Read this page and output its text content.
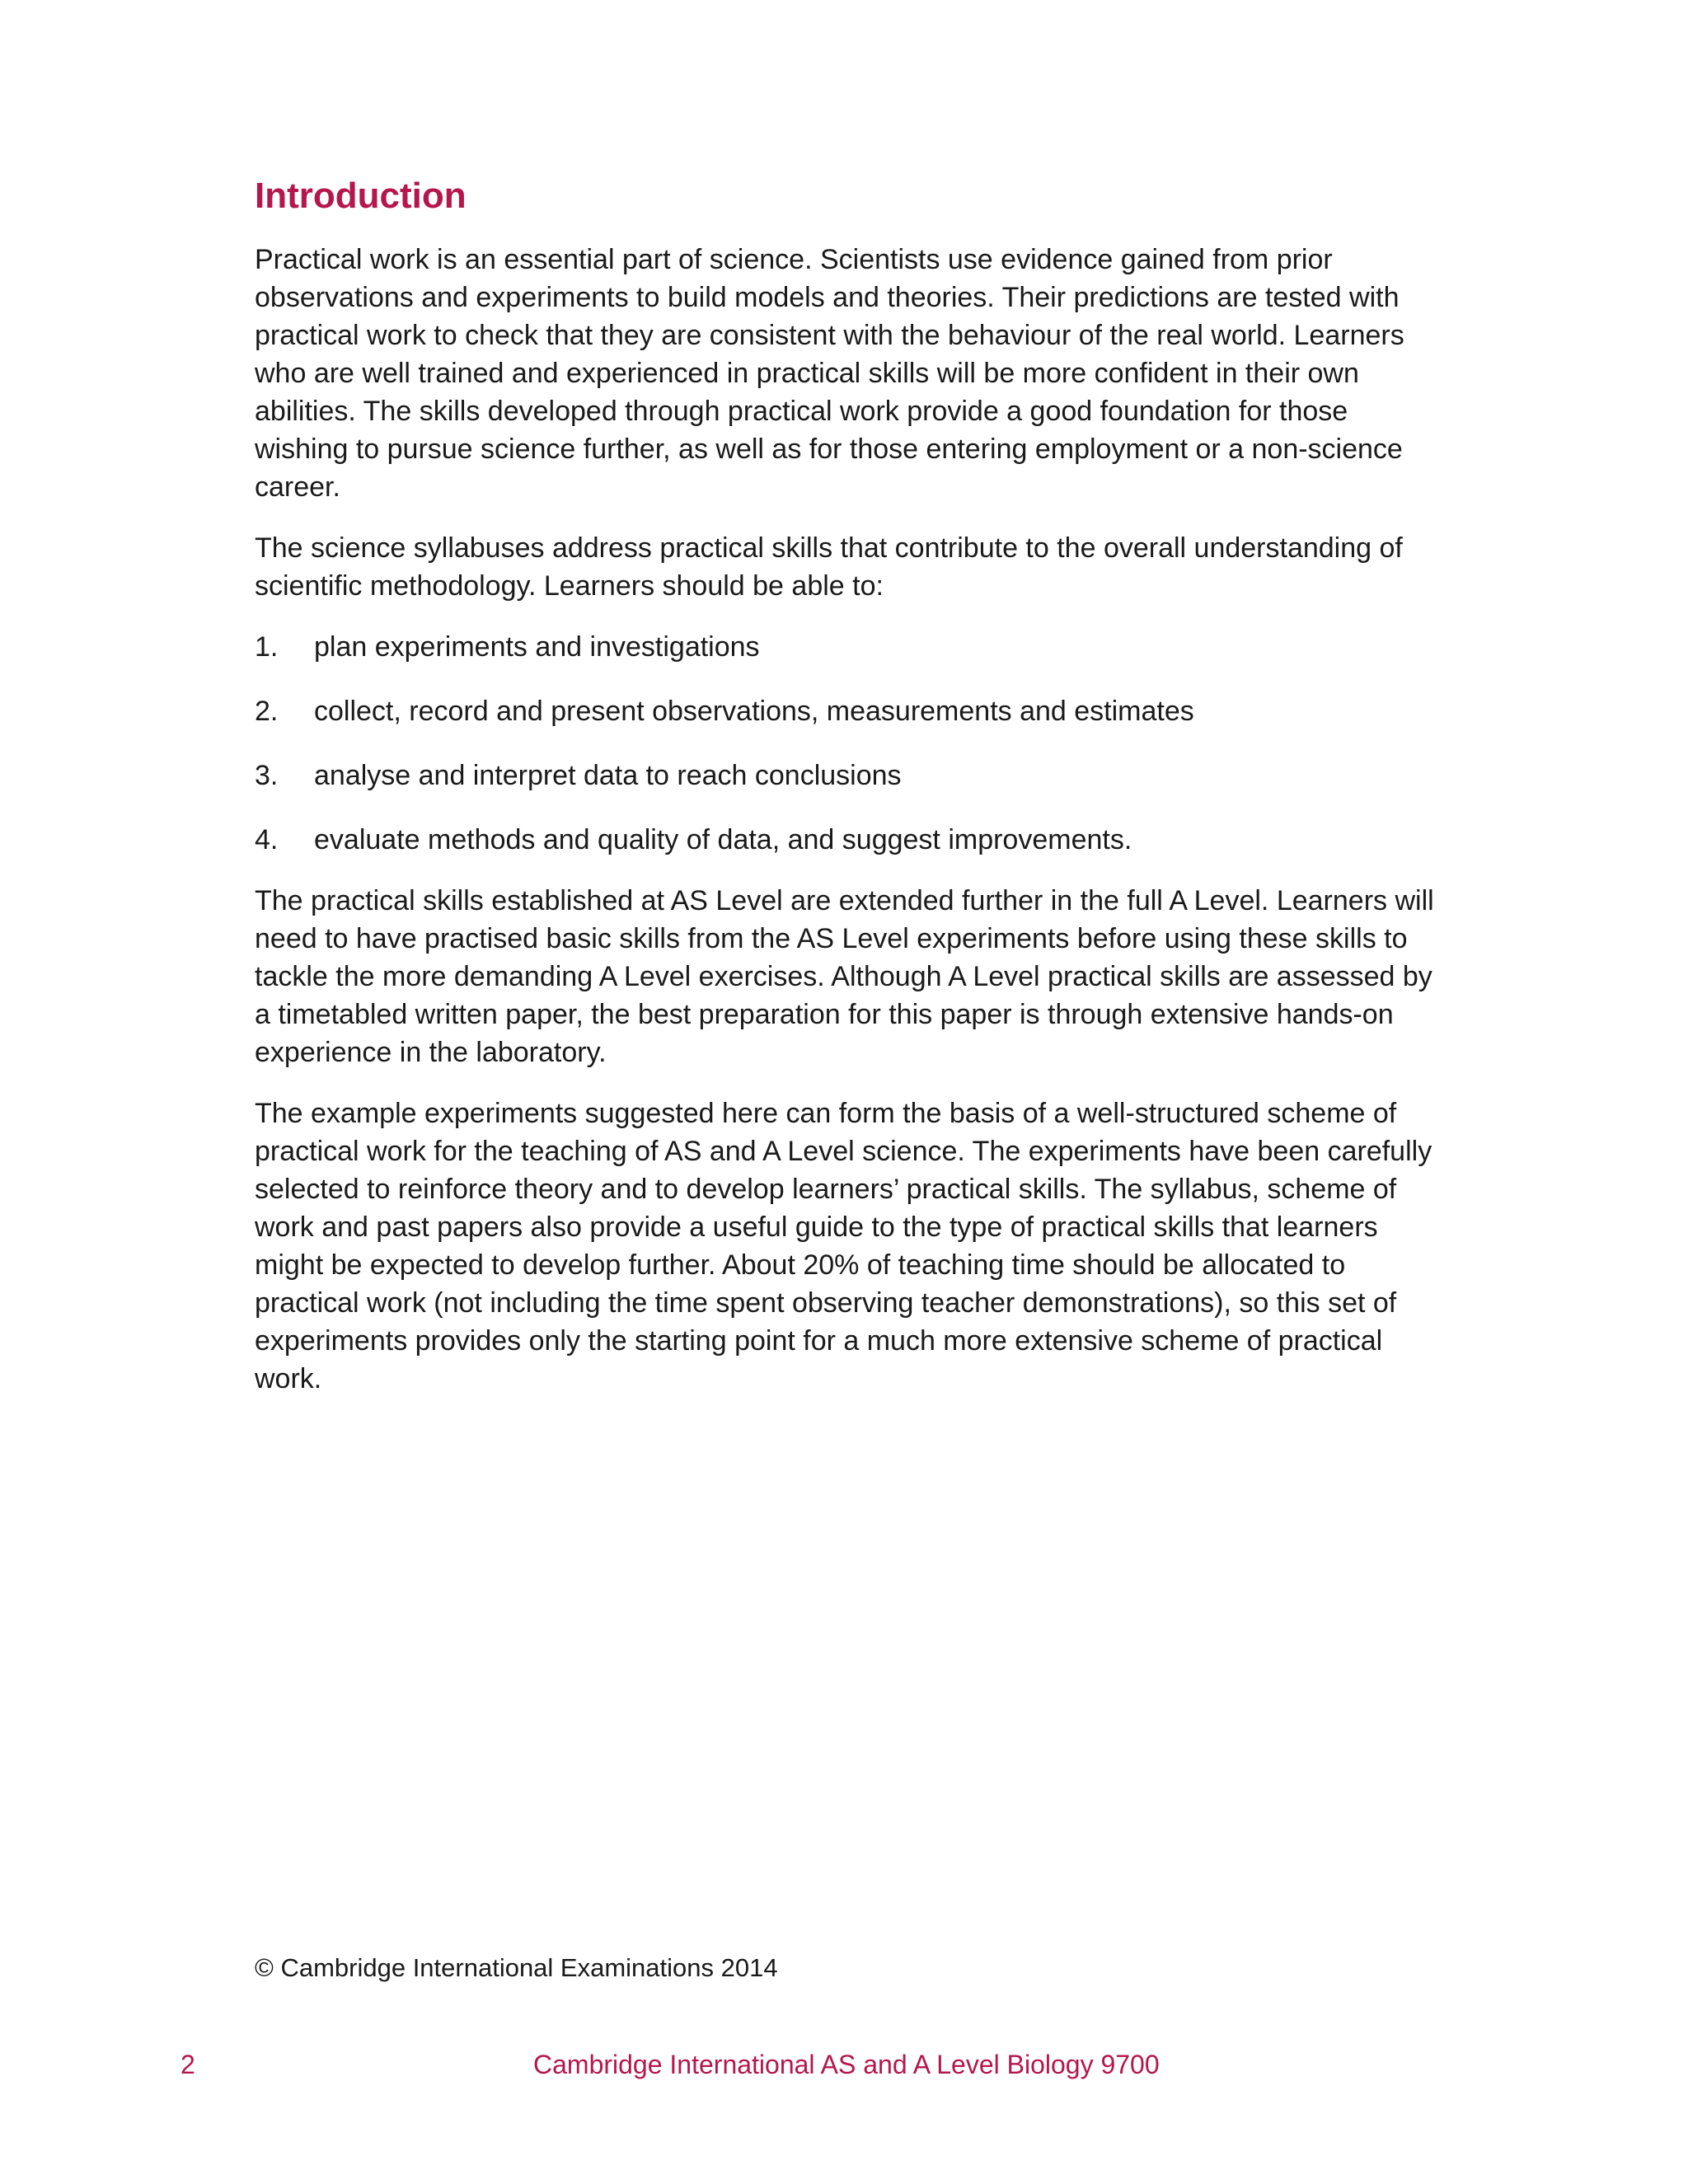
Introduction

Practical work is an essential part of science. Scientists use evidence gained from prior observations and experiments to build models and theories. Their predictions are tested with practical work to check that they are consistent with the behaviour of the real world. Learners who are well trained and experienced in practical skills will be more confident in their own abilities. The skills developed through practical work provide a good foundation for those wishing to pursue science further, as well as for those entering employment or a non-science career.

The science syllabuses address practical skills that contribute to the overall understanding of scientific methodology. Learners should be able to:

1.	plan experiments and investigations
2.	collect, record and present observations, measurements and estimates
3.	analyse and interpret data to reach conclusions
4.	evaluate methods and quality of data, and suggest improvements.

The practical skills established at AS Level are extended further in the full A Level. Learners will need to have practised basic skills from the AS Level experiments before using these skills to tackle the more demanding A Level exercises. Although A Level practical skills are assessed by a timetabled written paper, the best preparation for this paper is through extensive hands-on experience in the laboratory.

The example experiments suggested here can form the basis of a well-structured scheme of practical work for the teaching of AS and A Level science. The experiments have been carefully selected to reinforce theory and to develop learners’ practical skills. The syllabus, scheme of work and past papers also provide a useful guide to the type of practical skills that learners might be expected to develop further. About 20% of teaching time should be allocated to practical work (not including the time spent observing teacher demonstrations), so this set of experiments provides only the starting point for a much more extensive scheme of practical work.

© Cambridge International Examinations 2014
2	Cambridge International AS and A Level Biology 9700
